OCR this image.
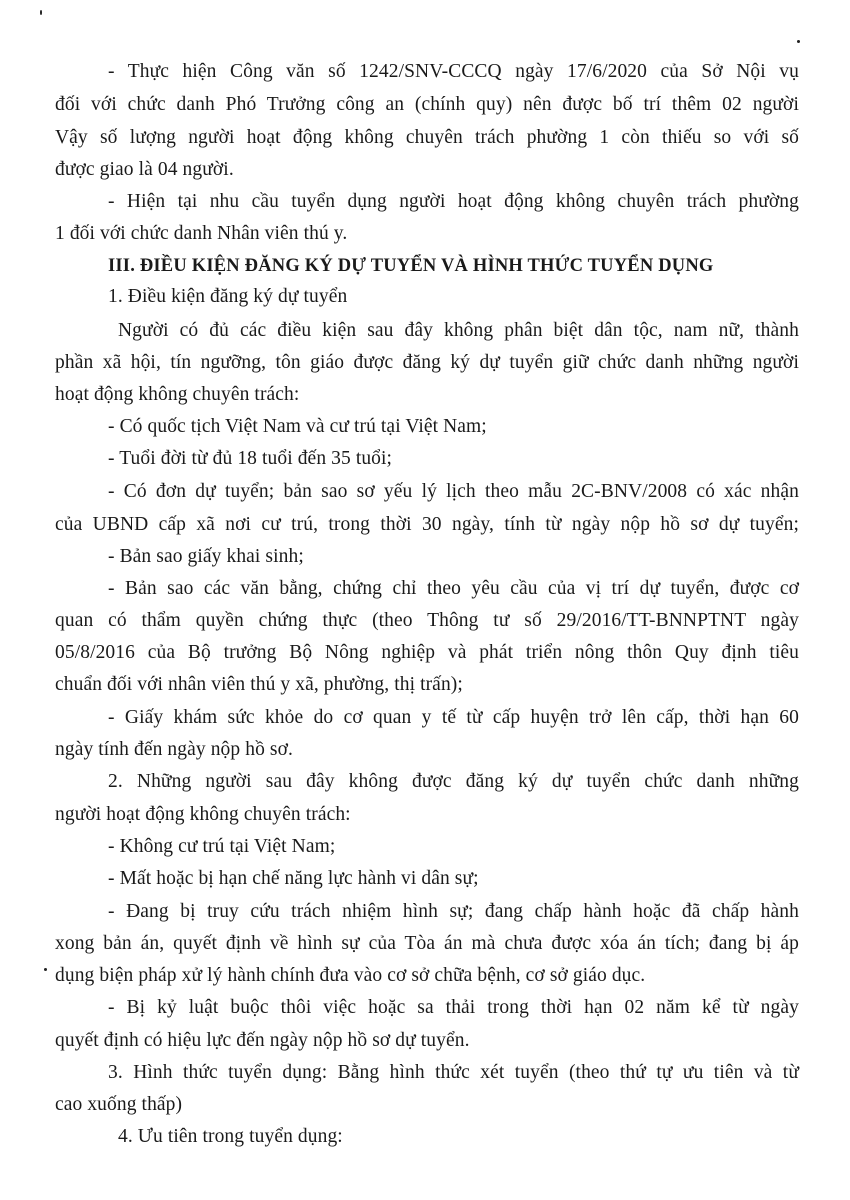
- Thực hiện Công văn số 1242/SNV-CCCQ ngày 17/6/2020 của Sở Nội vụ
đối với chức danh Phó Trưởng công an (chính quy) nên được bố trí thêm 02 người
Vậy số lượng người hoạt động không chuyên trách phường 1 còn thiếu so với số
được giao là 04 người.
- Hiện tại nhu cầu tuyển dụng người hoạt động không chuyên trách phường
1 đối với chức danh Nhân viên thú y.
III. ĐIỀU KIỆN ĐĂNG KÝ DỰ TUYỂN VÀ HÌNH THỨC TUYỂN DỤNG
1. Điều kiện đăng ký dự tuyển
Người có đủ các điều kiện sau đây không phân biệt dân tộc, nam nữ, thành
phần xã hội, tín ngưỡng, tôn giáo được đăng ký dự tuyển giữ chức danh những người
hoạt động không chuyên trách:
- Có quốc tịch Việt Nam và cư trú tại Việt Nam;
- Tuổi đời từ đủ 18 tuổi đến 35 tuổi;
- Có đơn dự tuyển; bản sao sơ yếu lý lịch theo mẫu 2C-BNV/2008 có xác nhận
của UBND cấp xã nơi cư trú, trong thời 30 ngày, tính từ ngày nộp hồ sơ dự tuyển;
- Bản sao giấy khai sinh;
- Bản sao các văn bằng, chứng chỉ theo yêu cầu của vị trí dự tuyển, được cơ
quan có thẩm quyền chứng thực (theo Thông tư số 29/2016/TT-BNNPTNT ngày
05/8/2016 của Bộ trưởng Bộ Nông nghiệp và phát triển nông thôn Quy định tiêu
chuẩn đối với nhân viên thú y xã, phường, thị trấn);
- Giấy khám sức khỏe do cơ quan y tế từ cấp huyện trở lên cấp, thời hạn 60
ngày tính đến ngày nộp hồ sơ.
2. Những người sau đây không được đăng ký dự tuyển chức danh những
người hoạt động không chuyên trách:
- Không cư trú tại Việt Nam;
- Mất hoặc bị hạn chế năng lực hành vi dân sự;
- Đang bị truy cứu trách nhiệm hình sự; đang chấp hành hoặc đã chấp hành
xong bản án, quyết định về hình sự của Tòa án mà chưa được xóa án tích; đang bị áp
dụng biện pháp xử lý hành chính đưa vào cơ sở chữa bệnh, cơ sở giáo dục.
- Bị kỷ luật buộc thôi việc hoặc sa thải trong thời hạn 02 năm kể từ ngày
quyết định có hiệu lực đến ngày nộp hồ sơ dự tuyển.
3. Hình thức tuyển dụng: Bằng hình thức xét tuyển (theo thứ tự ưu tiên và từ
cao xuống thấp)
4. Ưu tiên trong tuyển dụng:
